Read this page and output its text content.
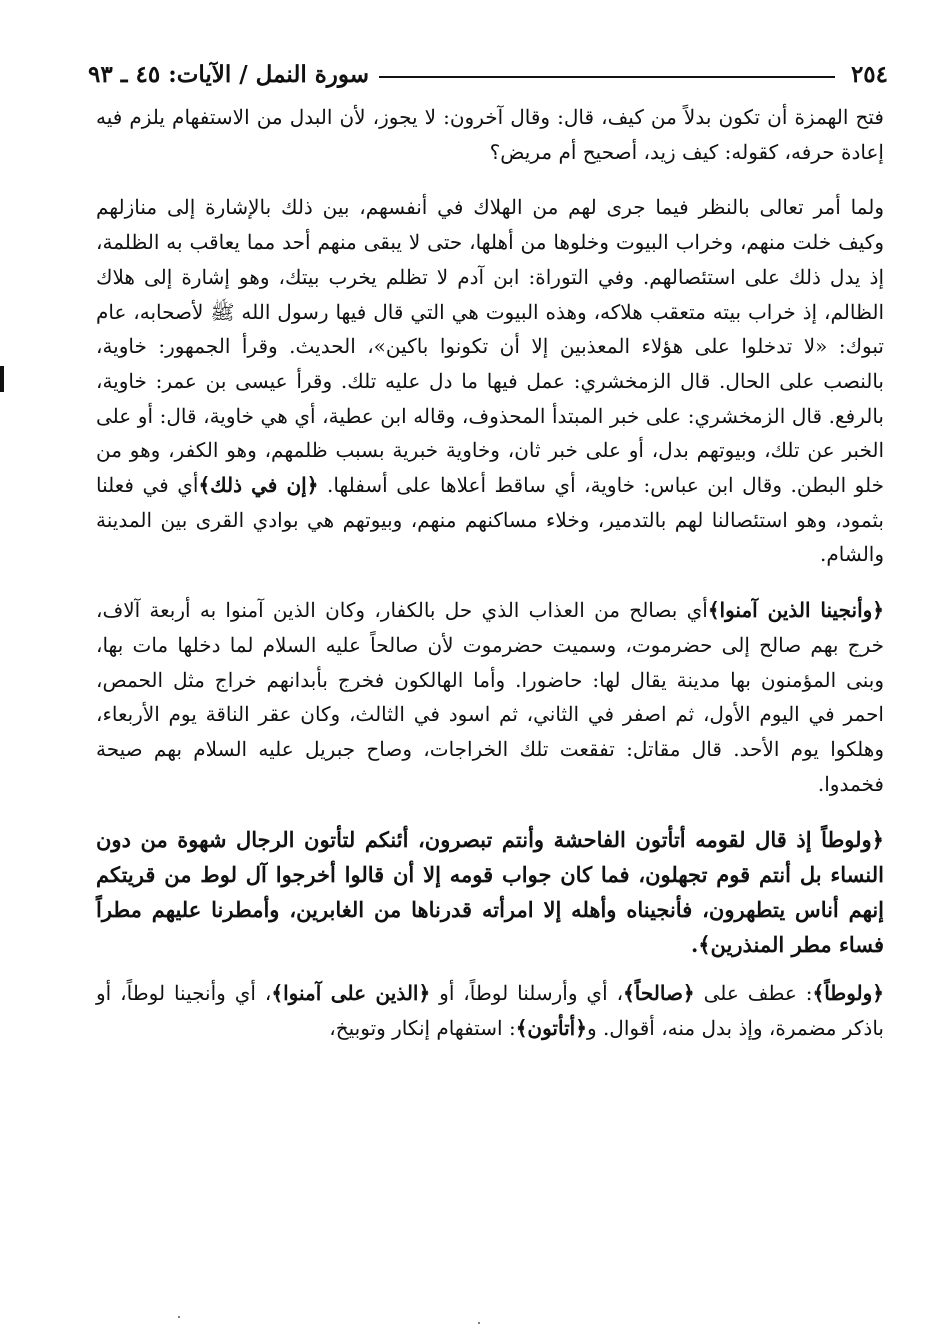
٢٥٤
سورة النمل / الآيات: ٤٥ ـ ٩٣

فتح الهمزة أن تكون بدلاً من كيف، قال: وقال آخرون: لا يجوز، لأن البدل من الاستفهام يلزم فيه إعادة حرفه، كقوله: كيف زيد، أصحيح أم مريض؟

ولما أمر تعالى بالنظر فيما جرى لهم من الهلاك في أنفسهم، بين ذلك بالإشارة إلى منازلهم وكيف خلت منهم، وخراب البيوت وخلوها من أهلها، حتى لا يبقى منهم أحد مما يعاقب به الظلمة، إذ يدل ذلك على استئصالهم. وفي التوراة: ابن آدم لا تظلم يخرب بيتك، وهو إشارة إلى هلاك الظالم، إذ خراب بيته متعقب هلاكه، وهذه البيوت هي التي قال فيها رسول الله ﷺ لأصحابه، عام تبوك: «لا تدخلوا على هؤلاء المعذبين إلا أن تكونوا باكين»، الحديث. وقرأ الجمهور: خاوية، بالنصب على الحال. قال الزمخشري: عمل فيها ما دل عليه تلك. وقرأ عيسى بن عمر: خاوية، بالرفع. قال الزمخشري: على خبر المبتدأ المحذوف، وقاله ابن عطية، أي هي خاوية، قال: أو على الخبر عن تلك، وبيوتهم بدل، أو على خبر ثان، وخاوية خبرية بسبب ظلمهم، وهو الكفر، وهو من خلو البطن. وقال ابن عباس: خاوية، أي ساقط أعلاها على أسفلها. ﴿إن في ذلك﴾أي في فعلنا بثمود، وهو استئصالنا لهم بالتدمير، وخلاء مساكنهم منهم، وبيوتهم هي بوادي القرى بين المدينة والشام.

﴿وأنجينا الذين آمنوا﴾أي بصالح من العذاب الذي حل بالكفار، وكان الذين آمنوا به أربعة آلاف، خرج بهم صالح إلى حضرموت، وسميت حضرموت لأن صالحاً عليه السلام لما دخلها مات بها، وبنى المؤمنون بها مدينة يقال لها: حاضورا. وأما الهالكون فخرج بأبدانهم خراج مثل الحمص، احمر في اليوم الأول، ثم اصفر في الثاني، ثم اسود في الثالث، وكان عقر الناقة يوم الأربعاء، وهلكوا يوم الأحد. قال مقاتل: تفقعت تلك الخراجات، وصاح جبريل عليه السلام بهم صيحة فخمدوا.

﴿ولوطاً إذ قال لقومه أتأتون الفاحشة وأنتم تبصرون، أئنكم لتأتون الرجال شهوة من دون النساء بل أنتم قوم تجهلون، فما كان جواب قومه إلا أن قالوا أخرجوا آل لوط من قريتكم إنهم أناس يتطهرون، فأنجيناه وأهله إلا امرأته قدرناها من الغابرين، وأمطرنا عليهم مطراً فساء مطر المنذرين﴾.

﴿ولوطاً﴾: عطف على ﴿صالحاً﴾، أي وأرسلنا لوطاً، أو ﴿الذين على آمنوا﴾، أي وأنجينا لوطاً، أو باذكر مضمرة، وإذ بدل منه، أقوال. و﴿أتأتون﴾: استفهام إنكار وتوبيخ،
